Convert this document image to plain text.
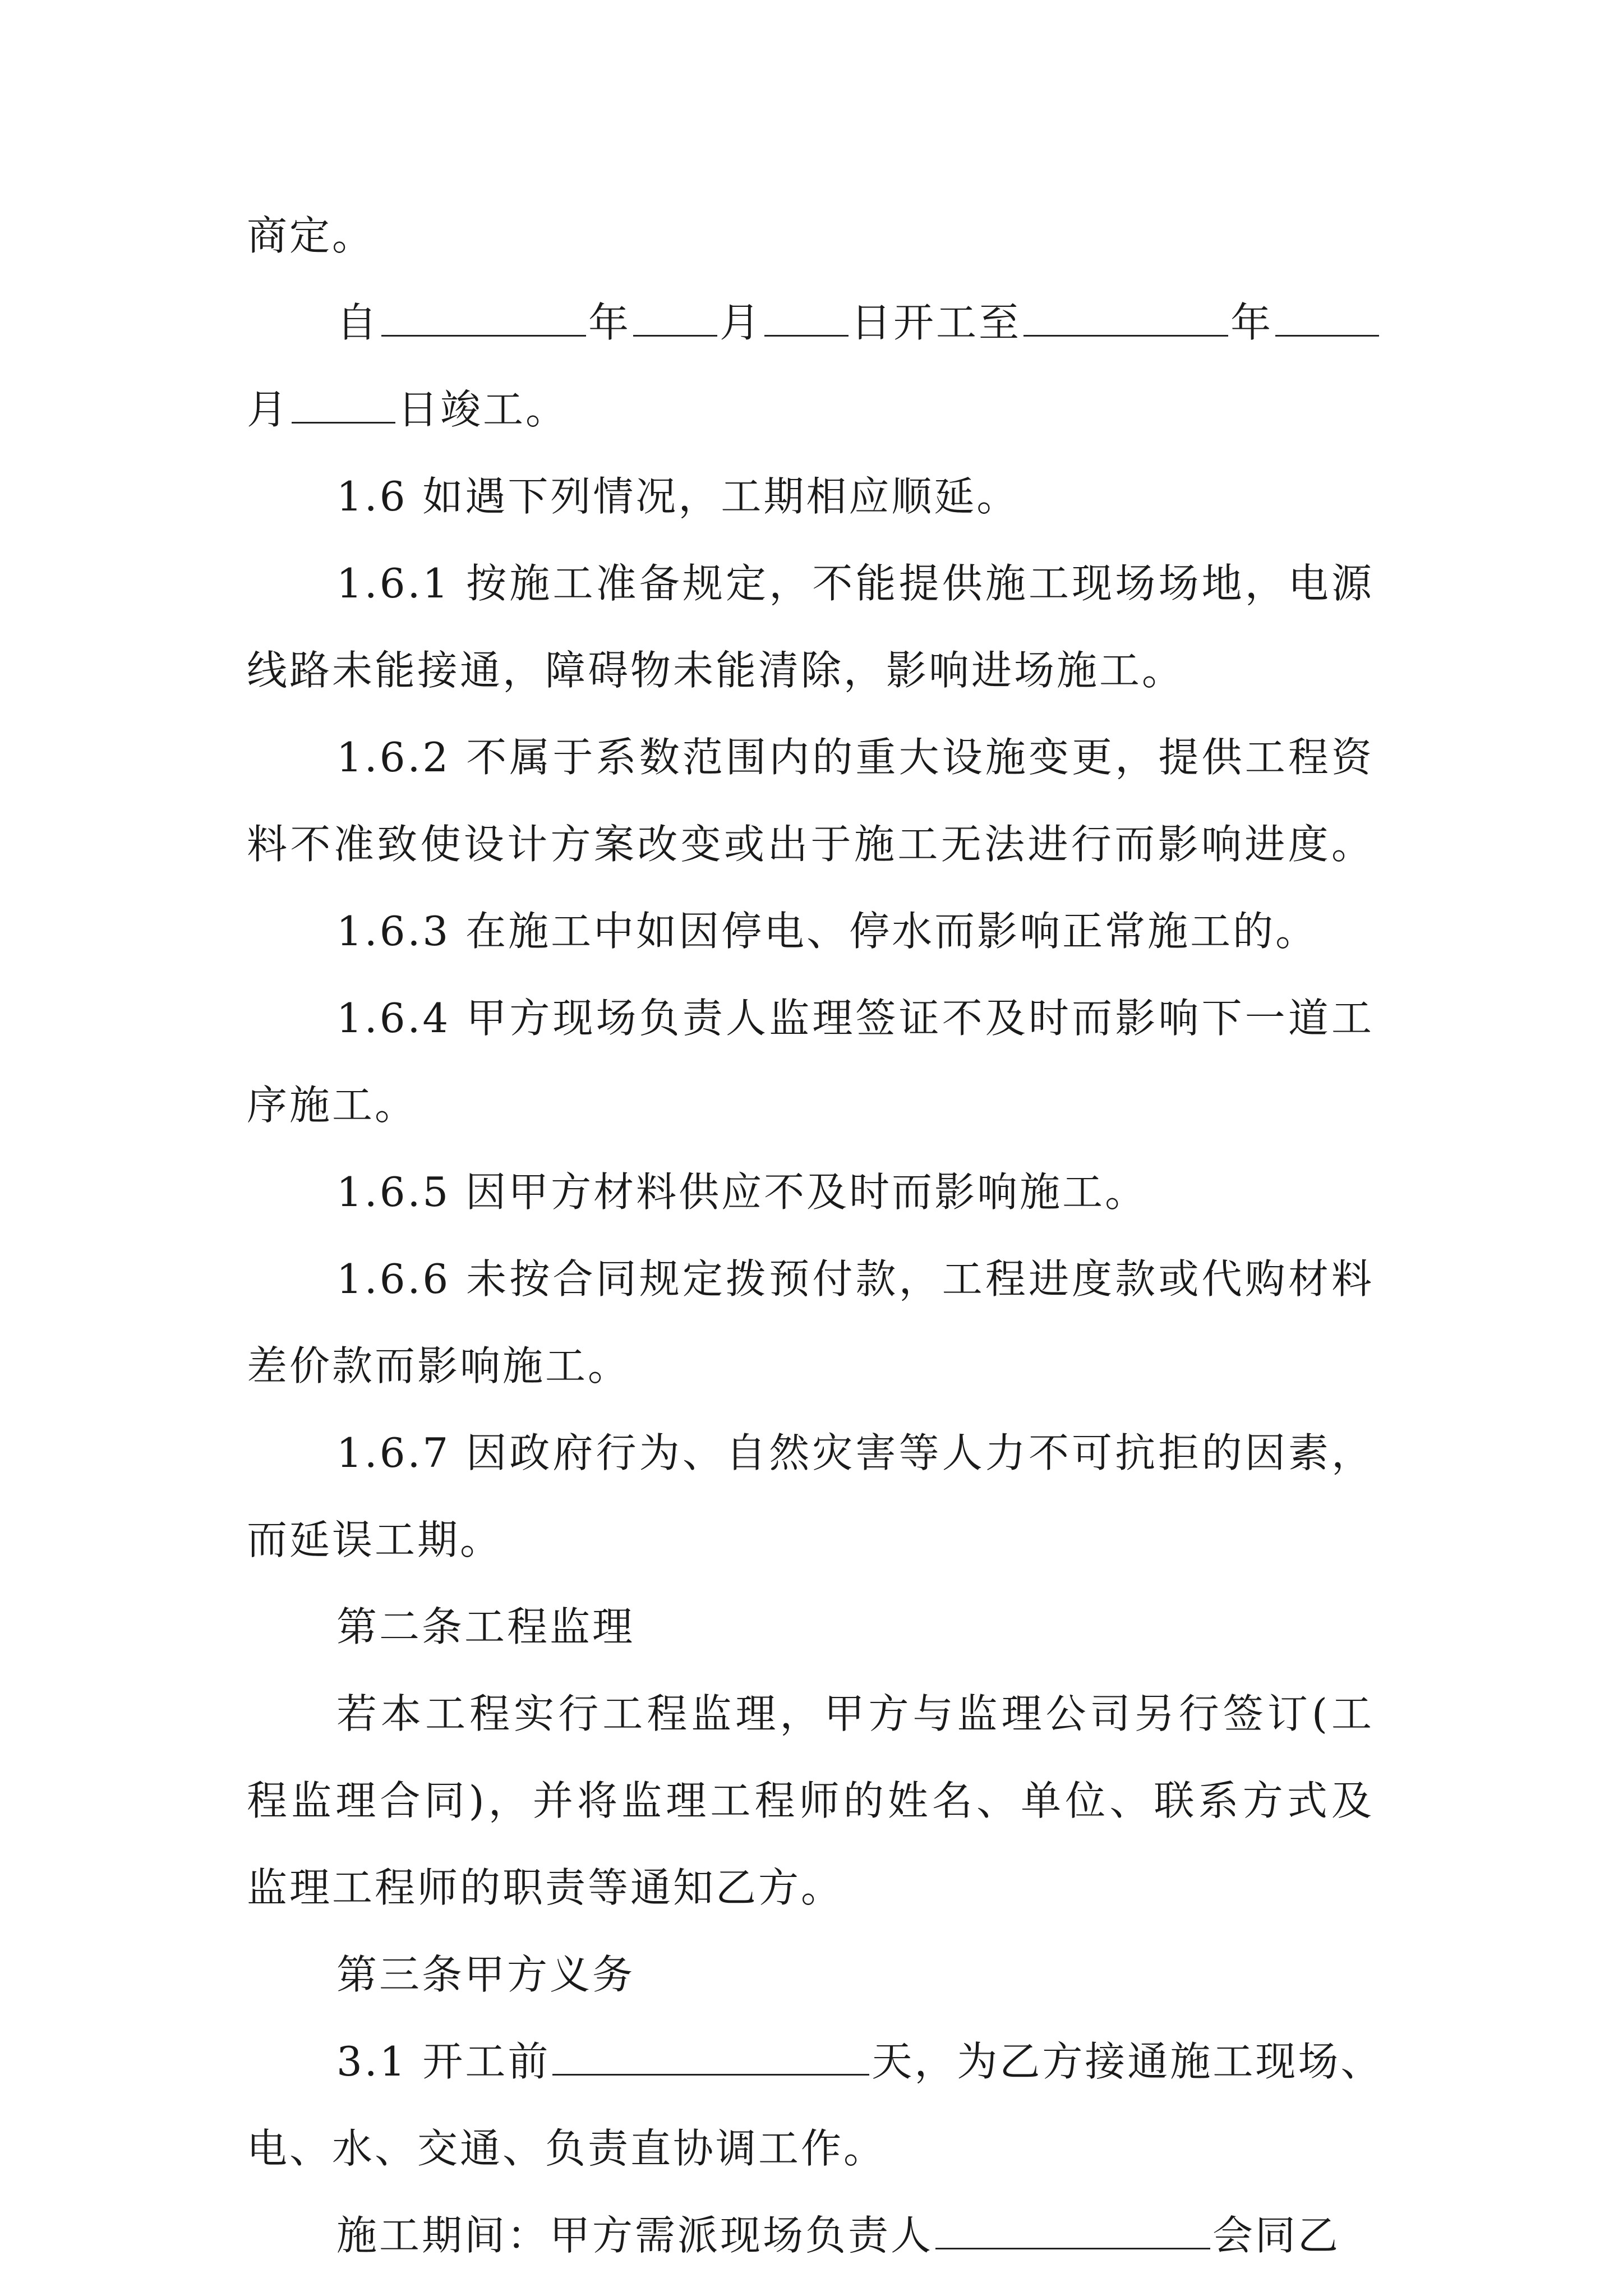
商定。
自	年 月 日开工至	年
月	日竣工。
1.6 如遇下列情况，工期相应顺延。
1.6.1 按施工准备规定，不能提供施工现场场地，电源
线路未能接通，障碍物未能清除，影响进场施工。
1.6.2 不属于系数范围内的重大设施变更，提供工程资
料不准致使设计方案改变或出于施工无法进行而影响进度。
1.6.3 在施工中如因停电、停水而影响正常施工的。
1.6.4 甲方现场负责人监理签证不及时而影响下一道工
序施工。
1.6.5 因甲方材料供应不及时而影响施工。
1.6.6 未按合同规定拨预付款，工程进度款或代购材料
差价款而影响施工。
1.6.7 因政府行为、自然灾害等人力不可抗拒的因素，
而延误工期。
第二条工程监理
若本工程实行工程监理，甲方与监理公司另行签订(工
程监理合同)，并将监理工程师的姓名、单位、联系方式及
监理工程师的职责等通知乙方。
第三条甲方义务
3.1 开工前	天，为乙方接通施工现场、
电、水、交通、负责直协调工作。
施工期间：甲方需派现场负责人	会同乙
